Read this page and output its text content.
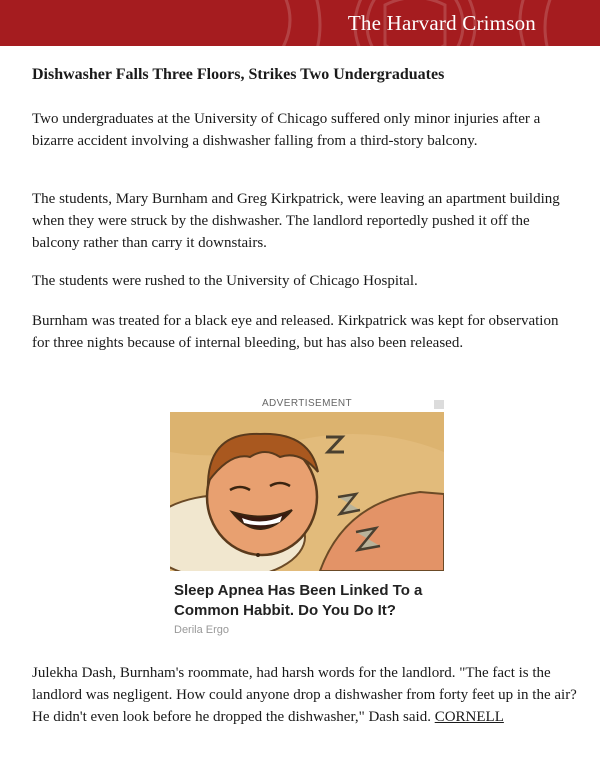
The Harvard Crimson
Dishwasher Falls Three Floors, Strikes Two Undergraduates

Two undergraduates at the University of Chicago suffered only minor injuries after a bizarre accident involving a dishwasher falling from a third-story balcony.

The students, Mary Burnham and Greg Kirkpatrick, were leaving an apartment building when they were struck by the dishwasher. The landlord reportedly pushed it off the balcony rather than carry it downstairs.

The students were rushed to the University of Chicago Hospital.

Burnham was treated for a black eye and released. Kirkpatrick was kept for observation for three nights because of internal bleeding, but has also been released.

ADVERTISEMENT
Sleep Apnea Has Been Linked To a Common Habbit. Do You Do It?
Derila Ergo

Julekha Dash, Burnham's roommate, had harsh words for the landlord. "The fact is the landlord was negligent. How could anyone drop a dishwasher from forty feet up in the air? He didn't even look before he dropped the dishwasher," Dash said. CORNELL
